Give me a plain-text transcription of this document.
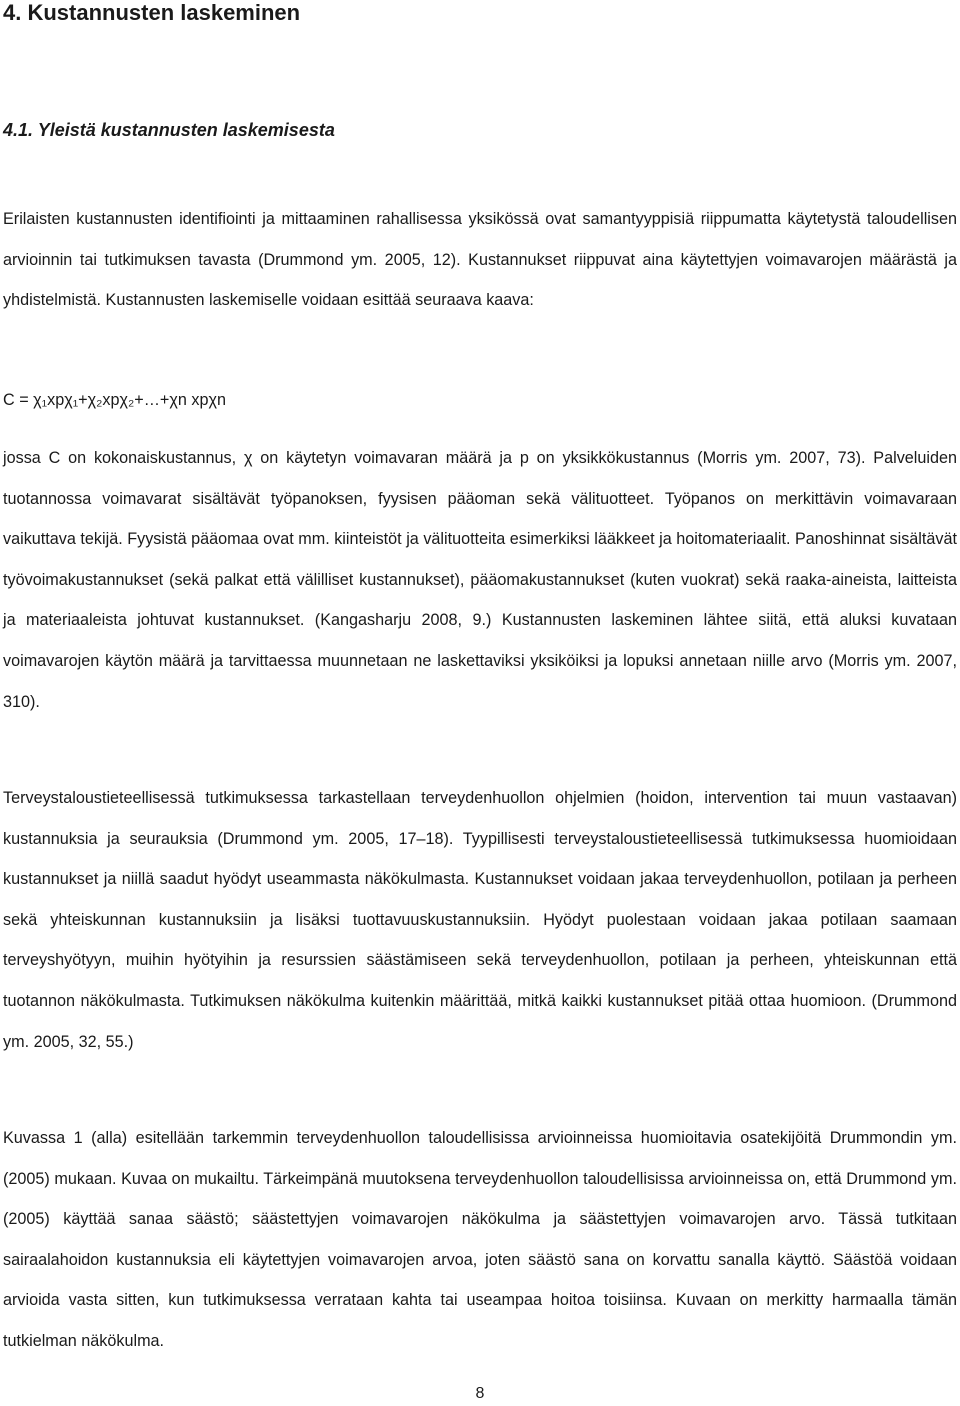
4. Kustannusten laskeminen
4.1. Yleistä kustannusten laskemisesta

Erilaisten kustannusten identifiointi ja mittaaminen rahallisessa yksikössä ovat samantyyppisiä riippumatta käytetystä taloudellisen arvioinnin tai tutkimuksen tavasta (Drummond ym. 2005, 12). Kustannukset riippuvat aina käytettyjen voimavarojen määrästä ja yhdistelmistä. Kustannusten laskemiselle voidaan esittää seuraava kaava:

C = χ₁xpχ₁+χ₂xpχ₂+…+χn xpχn

jossa C on kokonaiskustannus, χ on käytetyn voimavaran määrä ja p on yksikkökustannus (Morris ym. 2007, 73). Palveluiden tuotannossa voimavarat sisältävät työpanoksen, fyysisen pääoman sekä välituotteet. Työpanos on merkittävin voimavaraan vaikuttava tekijä. Fyysistä pääomaa ovat mm. kiinteistöt ja välituotteita esimerkiksi lääkkeet ja hoitomateriaalit. Panoshinnat sisältävät työvoimakustannukset (sekä palkat että välilliset kustannukset), pääomakustannukset (kuten vuokrat) sekä raaka-aineista, laitteista ja materiaaleista johtuvat kustannukset. (Kangasharju 2008, 9.) Kustannusten laskeminen lähtee siitä, että aluksi kuvataan voimavarojen käytön määrä ja tarvittaessa muunnetaan ne laskettaviksi yksiköiksi ja lopuksi annetaan niille arvo (Morris ym. 2007, 310).

Terveystaloustieteellisessä tutkimuksessa tarkastellaan terveydenhuollon ohjelmien (hoidon, intervention tai muun vastaavan) kustannuksia ja seurauksia (Drummond ym. 2005, 17–18). Tyypillisesti terveystaloustieteellisessä tutkimuksessa huomioidaan kustannukset ja niillä saadut hyödyt useammasta näkökulmasta. Kustannukset voidaan jakaa terveydenhuollon, potilaan ja perheen sekä yhteiskunnan kustannuksiin ja lisäksi tuottavuuskustannuksiin. Hyödyt puolestaan voidaan jakaa potilaan saamaan terveyshyötyyn, muihin hyötyihin ja resurssien säästämiseen sekä terveydenhuollon, potilaan ja perheen, yhteiskunnan että tuotannon näkökulmasta. Tutkimuksen näkökulma kuitenkin määrittää, mitkä kaikki kustannukset pitää ottaa huomioon. (Drummond ym. 2005, 32, 55.)

Kuvassa 1 (alla) esitellään tarkemmin terveydenhuollon taloudellisissa arvioinneissa huomioitavia osatekijöitä Drummondin ym. (2005) mukaan. Kuvaa on mukailtu. Tärkeimpänä muutoksena terveydenhuollon taloudellisissa arvioinneissa on, että Drummond ym. (2005) käyttää sanaa säästö; säästettyjen voimavarojen näkökulma ja säästettyjen voimavarojen arvo. Tässä tutkitaan sairaalahoidon kustannuksia eli käytettyjen voimavarojen arvoa, joten säästö sana on korvattu sanalla käyttö. Säästöä voidaan arvioida vasta sitten, kun tutkimuksessa verrataan kahta tai useampaa hoitoa toisiinsa. Kuvaan on merkitty harmaalla tämän tutkielman näkökulma.

8
